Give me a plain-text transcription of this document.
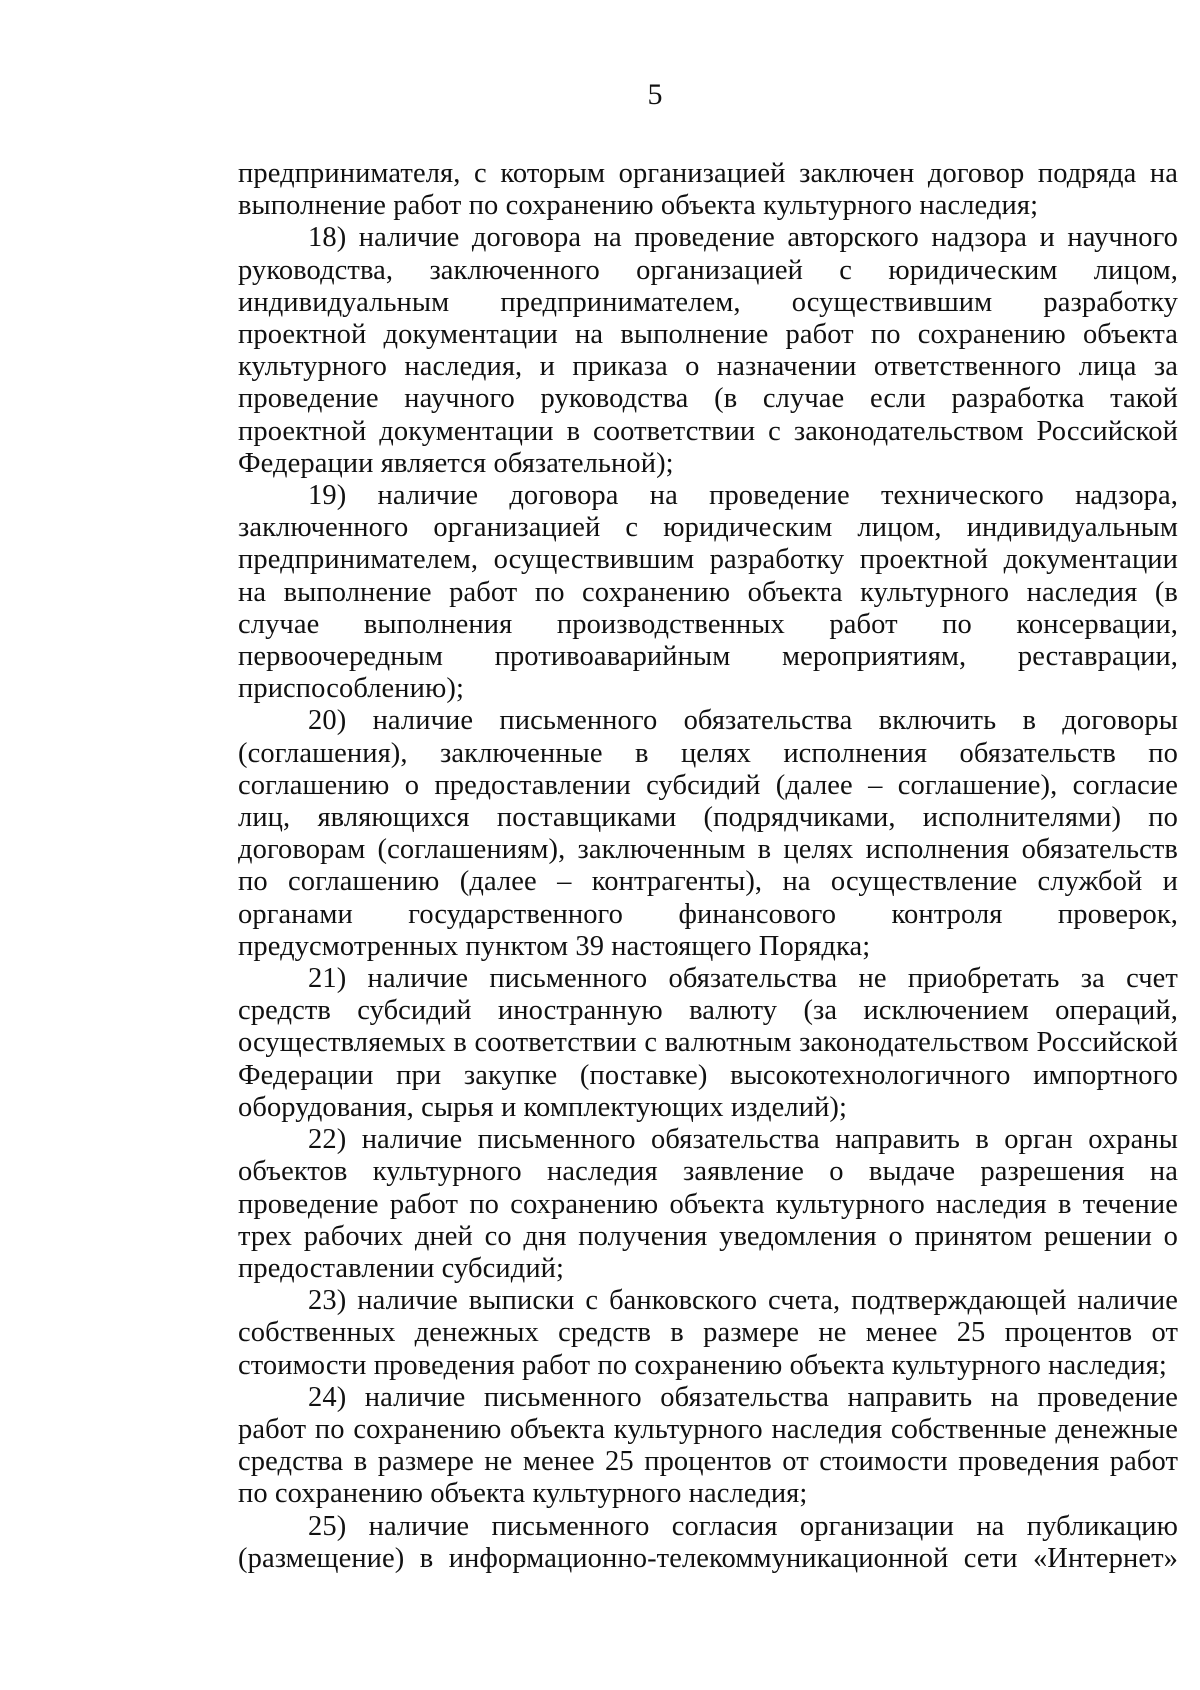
5

предпринимателя, с которым организацией заключен договор подряда на выполнение работ по сохранению объекта культурного наследия;

18) наличие договора на проведение авторского надзора и научного руководства, заключенного организацией с юридическим лицом, индивидуальным предпринимателем, осуществившим разработку проектной документации на выполнение работ по сохранению объекта культурного наследия, и приказа о назначении ответственного лица за проведение научного руководства (в случае если разработка такой проектной документации в соответствии с законодательством Российской Федерации является обязательной);

19) наличие договора на проведение технического надзора, заключенного организацией с юридическим лицом, индивидуальным предпринимателем, осуществившим разработку проектной документации на выполнение работ по сохранению объекта культурного наследия (в случае выполнения производственных работ по консервации, первоочередным противоаварийным мероприятиям, реставрации, приспособлению);

20) наличие письменного обязательства включить в договоры (соглашения), заключенные в целях исполнения обязательств по соглашению о предоставлении субсидий (далее – соглашение), согласие лиц, являющихся поставщиками (подрядчиками, исполнителями) по договорам (соглашениям), заключенным в целях исполнения обязательств по соглашению (далее – контрагенты), на осуществление службой и органами государственного финансового контроля проверок, предусмотренных пунктом 39 настоящего Порядка;

21) наличие письменного обязательства не приобретать за счет средств субсидий иностранную валюту (за исключением операций, осуществляемых в соответствии с валютным законодательством Российской Федерации при закупке (поставке) высокотехнологичного импортного оборудования, сырья и комплектующих изделий);

22) наличие письменного обязательства направить в орган охраны объектов культурного наследия заявление о выдаче разрешения на проведение работ по сохранению объекта культурного наследия в течение трех рабочих дней со дня получения уведомления о принятом решении о предоставлении субсидий;

23) наличие выписки с банковского счета, подтверждающей наличие собственных денежных средств в размере не менее 25 процентов от стоимости проведения работ по сохранению объекта культурного наследия;

24) наличие письменного обязательства направить на проведение работ по сохранению объекта культурного наследия собственные денежные средства в размере не менее 25 процентов от стоимости проведения работ по сохранению объекта культурного наследия;

25) наличие письменного согласия организации на публикацию (размещение) в информационно-телекоммуникационной сети «Интернет»
